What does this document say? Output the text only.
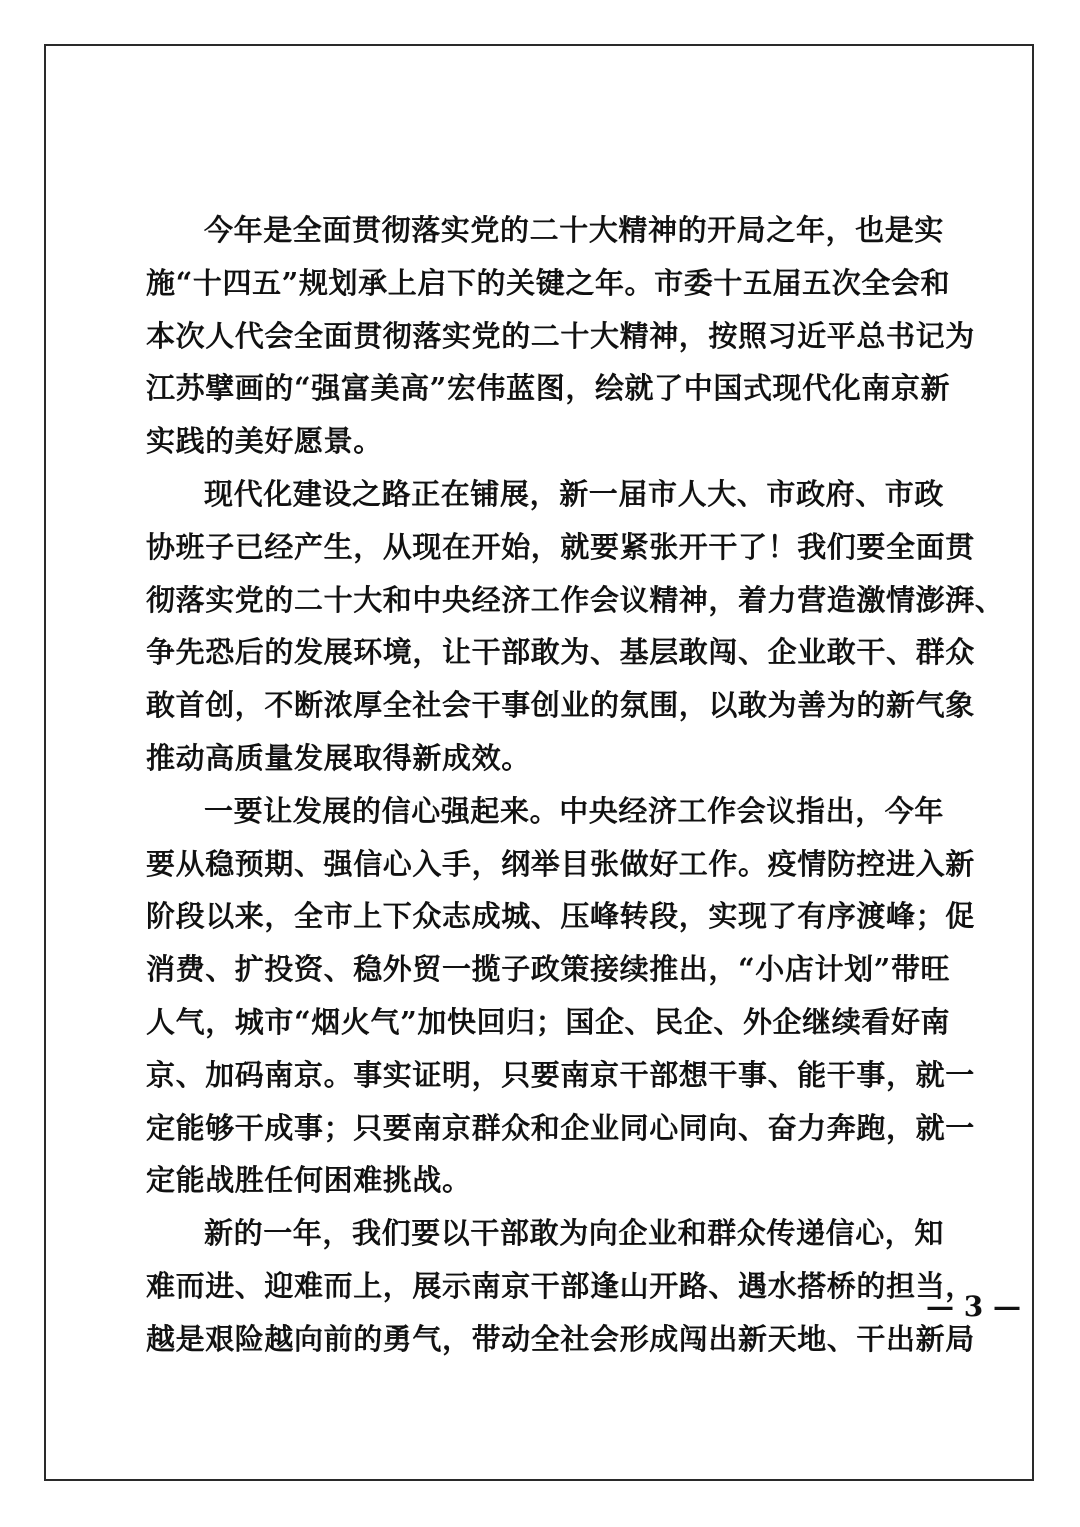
今年是全面贯彻落实党的二十大精神的开局之年，也是实
施“十四五”规划承上启下的关键之年。市委十五届五次全会和
本次人代会全面贯彻落实党的二十大精神，按照习近平总书记为
江苏擘画的“强富美高”宏伟蓝图，绘就了中国式现代化南京新
实践的美好愿景。
现代化建设之路正在铺展，新一届市人大、市政府、市政
协班子已经产生，从现在开始，就要紧张开干了！我们要全面贯
彻落实党的二十大和中央经济工作会议精神，着力营造激情澎湃、
争先恐后的发展环境，让干部敢为、基层敢闯、企业敢干、群众
敢首创，不断浓厚全社会干事创业的氛围，以敢为善为的新气象
推动高质量发展取得新成效。
一要让发展的信心强起来。中央经济工作会议指出，今年
要从稳预期、强信心入手，纲举目张做好工作。疫情防控进入新
阶段以来，全市上下众志成城、压峰转段，实现了有序渡峰；促
消费、扩投资、稳外贸一揽子政策接续推出，“小店计划”带旺
人气，城市“烟火气”加快回归；国企、民企、外企继续看好南
京、加码南京。事实证明，只要南京干部想干事、能干事，就一
定能够干成事；只要南京群众和企业同心同向、奋力奔跑，就一
定能战胜任何困难挑战。
新的一年，我们要以干部敢为向企业和群众传递信心，知
难而进、迎难而上，展示南京干部逢山开路、遇水搭桥的担当，
越是艰险越向前的勇气，带动全社会形成闯出新天地、干出新局
— 3 —
